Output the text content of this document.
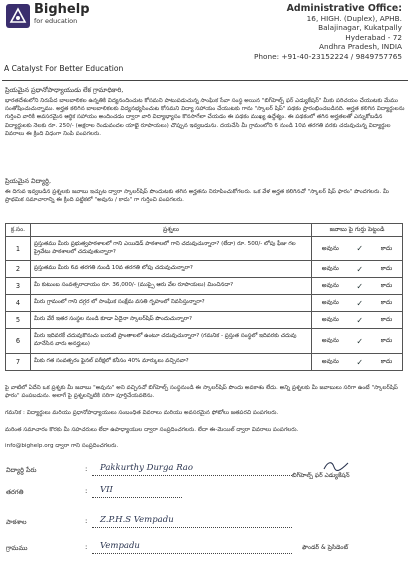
Bighelp
for education
A Catalyst For Better Education
Administrative Office:
16, HIGH. (Duplex), APHB.
Balajinagar, Kukatpally
Hyderabad - 72
Andhra Pradesh, INDIA
Phone: +91-40-23152224 / 9849757765
ప్రియమైన ప్రధానోపాధ్యాయుడు లేక గ్రామాధికారి,
భారతదేశంలోని నిరుపేద బాలబాలికల ఉన్నతికి విద్యనందించుట కోసమని పాటుపడుచున్న సాంఘిక సేవా సంస్థ అయిన "బిగ్‌హెల్ప్ ఫర్ ఎడ్యుకేషన్" మీకు పరిచయం చేయుటకు మేము సంతోషించుచున్నాము. అర్హత కలిగిన బాలబాలికలకు విద్యనభ్యసించుట కోసమని విద్యా సహాయం చేయుటకు గాను "స్కాలర్ షిప్" పథకం ప్రారంభించబడినది. అర్హత కలిగిన విద్యార్థులను గుర్తించి వారికి అవసరమైన ఆర్థిక సహాయం అందించడం ద్వారా వారి విద్యాభ్యాసం కొనసాగేలా చేయడం ఈ పథకం ముఖ్య ఉద్దేశ్యం. ఈ పథకంలో తగిన అర్హతలతో ఎన్నుకోబడిన విద్యార్థులకు నెలకు రూ. 250/- (అక్షరాల రెండువందల యాభై రూపాయలు) చొప్పున ఇవ్వబడును. దయచేసి మీ గ్రామంలోని 6 నుండి 10వ తరగతి వరకు చదువుచున్న విద్యార్థుల వివరాలు ఈ క్రింది విధంగా నింపి పంపగలరు.
ప్రియమైన విద్యార్థి,
ఈ దిగువ ఇవ్వబడిన ప్రశ్నలకు జవాబు ఇచ్చుట ద్వారా స్కాలర్‌షిప్ పొందుటకు తగిన అర్హతను నిరూపించుకోగలరు. ఒక వేళ అర్హత కలిగినచో "స్కాలర్ షిప్ ఫారం" పొందగలరు. మీ ప్రాథమిక సమాచారాన్ని ఈ క్రింది పట్టికలో "అవును / కాదు" గా గుర్తించి పంపగలరు.
క్ర.సం.	ప్రశ్నలు	జవాబు పై గుర్తు పెట్టండి
1	ప్రస్తుతము మీరు ప్రభుత్వపాఠశాలలో గాని ఎయిడెడ్ పాఠశాలలో గాని చదువుచున్నారా? (లేదా) రూ. 500/- లోపు ఫీజు గల ప్రైవేటు పాఠశాలలో చదువుతున్నారా?	అవును ✓ కాదు

2	ప్రస్తుతము మీరు 6వ తరగతి నుండి 10వ తరగతి లోపు చదువుచున్నారా?	అవును ✓ కాదు

3	మీ కుటుంబ సంవత్సరాదాయం రూ. 36,000/- (ముప్పై ఆరు వేల రూపాయలు) మించినదా?	అవును ✓ కాదు

4	మీరు గ్రామంలో గాని దగ్గర లో సాంఘిక సంక్షేమ వసతి గృహంలో నివసిస్తున్నారా?	అవును ✓ కాదు

5	మీరు వేరే ఇతర సంస్థల నుండి కూడా ఏదైనా స్కాలర్‌షిప్ పొందుచున్నారా?	అవును ✓ కాదు

6	మీరు ఇదివరకే చదువుకొనుచు బయటి ప్రాంతాలలో ఉంటూ చదువుచున్నారా? (గమనిక - ప్రస్తుత సంస్థలో ఇదివరకు చదువు మానేసిన వారు అనర్హులు)	అవును ✓ కాదు

7	మీకు గత సంవత్సరం ఫైనల్ పరీక్షలో కనీసం 40% మార్కులు వచ్చినవా?	అవును ✓ కాదు
పై వాటిలో ఏదేని ఒక ప్రశ్నకు మీ జవాబు "అవును" అని వచ్చినచో బిగ్‌హెల్ప్ సంస్థనుండి ఈ స్కాలర్‌షిప్ పొందు అవకాశం లేదు. అన్ని ప్రశ్నలకు మీ జవాబులు సరిగా ఉంటే "స్కాలర్‌షిప్ ఫారం" పంపబడును. అలాగే పై ప్రశ్నలన్నిటికి సరిగా పూర్తిచేయవలెను.
గమనిక : విద్యార్థులు మరియు ప్రధానోపాధ్యాయులు సంబంధిత వివరాలు మరియు అవసరమైన ఫోటోలు జతపరచి పంపగలరు.
మరింత సమాచారం కొరకు మీ సహచరులు లేదా ఉపాధ్యాయుల ద్వారా సంప్రదించగలరు. లేదా ఈ-మెయిల్ ద్వారా వివరాలు పంపగలరు.
info@bighelp.org ద్వారా గాని సంప్రదించగలరు.
విద్యార్థి పేరు	: Pakkurthy Durga Rao
తరగతి	: VII
పాఠశాల	: Z.P.H.S Vempadu
గ్రామము	: Vempadu
బిగ్‌హెల్ప్ ఫర్ ఎడ్యుకేషన్
ఫౌండర్ & ప్రెసిడెంట్
